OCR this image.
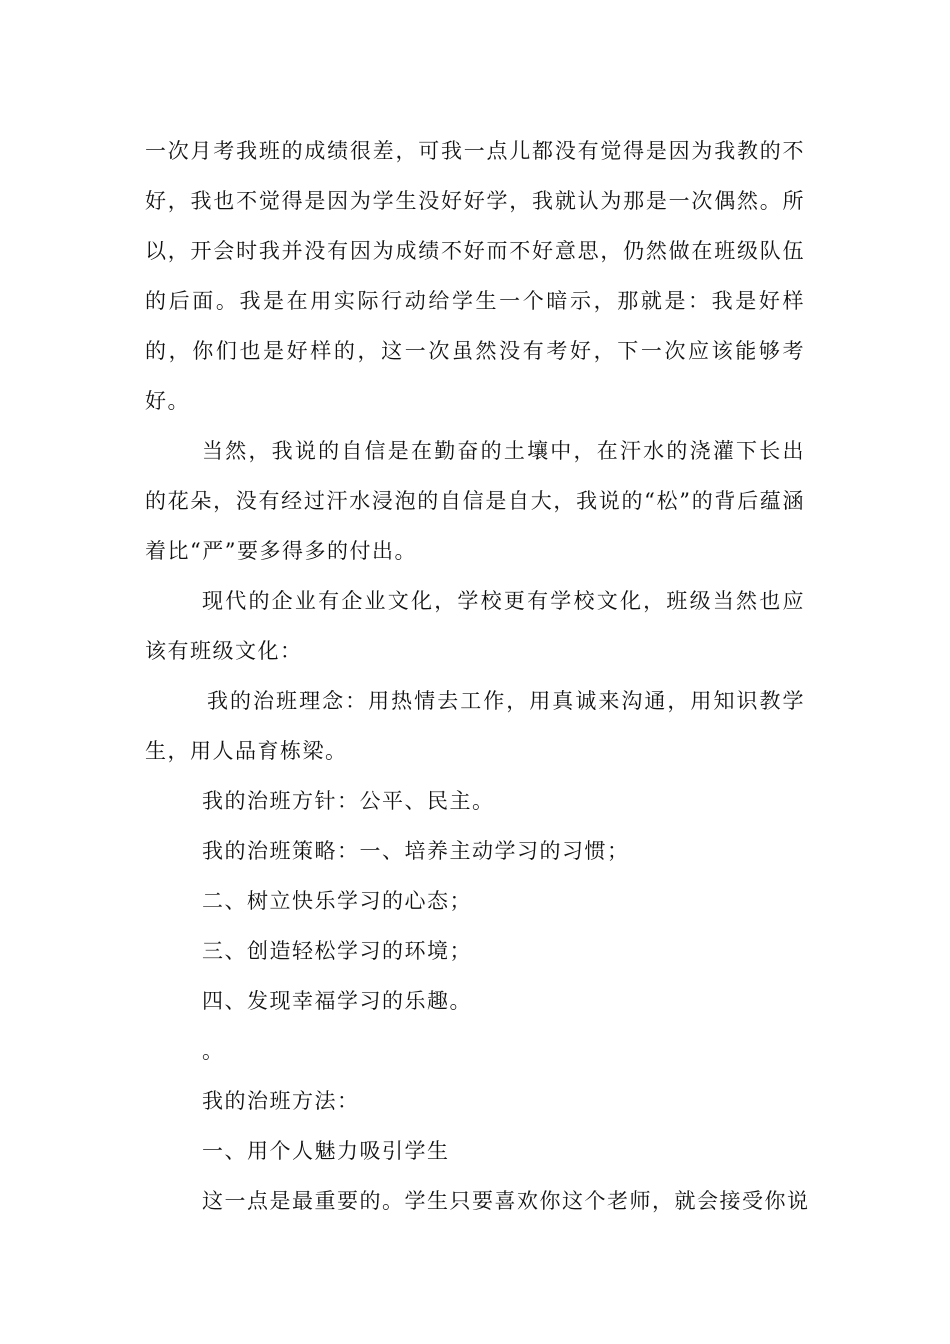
一次月考我班的成绩很差，可我一点儿都没有觉得是因为我教的不好，我也不觉得是因为学生没好好学，我就认为那是一次偶然。所以，开会时我并没有因为成绩不好而不好意思，仍然做在班级队伍的后面。我是在用实际行动给学生一个暗示，那就是：我是好样的，你们也是好样的，这一次虽然没有考好，下一次应该能够考好。

当然，我说的自信是在勤奋的土壤中，在汗水的浇灌下长出的花朵，没有经过汗水浸泡的自信是自大，我说的“松”的背后蕴涵着比“严”要多得多的付出。

现代的企业有企业文化，学校更有学校文化，班级当然也应该有班级文化：

我的治班理念：用热情去工作，用真诚来沟通，用知识教学生，用人品育栋梁。

我的治班方针：公平、民主。

我的治班策略：一、培养主动学习的习惯；

二、树立快乐学习的心态；

三、创造轻松学习的环境；

四、发现幸福学习的乐趣。

。

我的治班方法：

一、用个人魅力吸引学生

这一点是最重要的。学生只要喜欢你这个老师，就会接受你说
